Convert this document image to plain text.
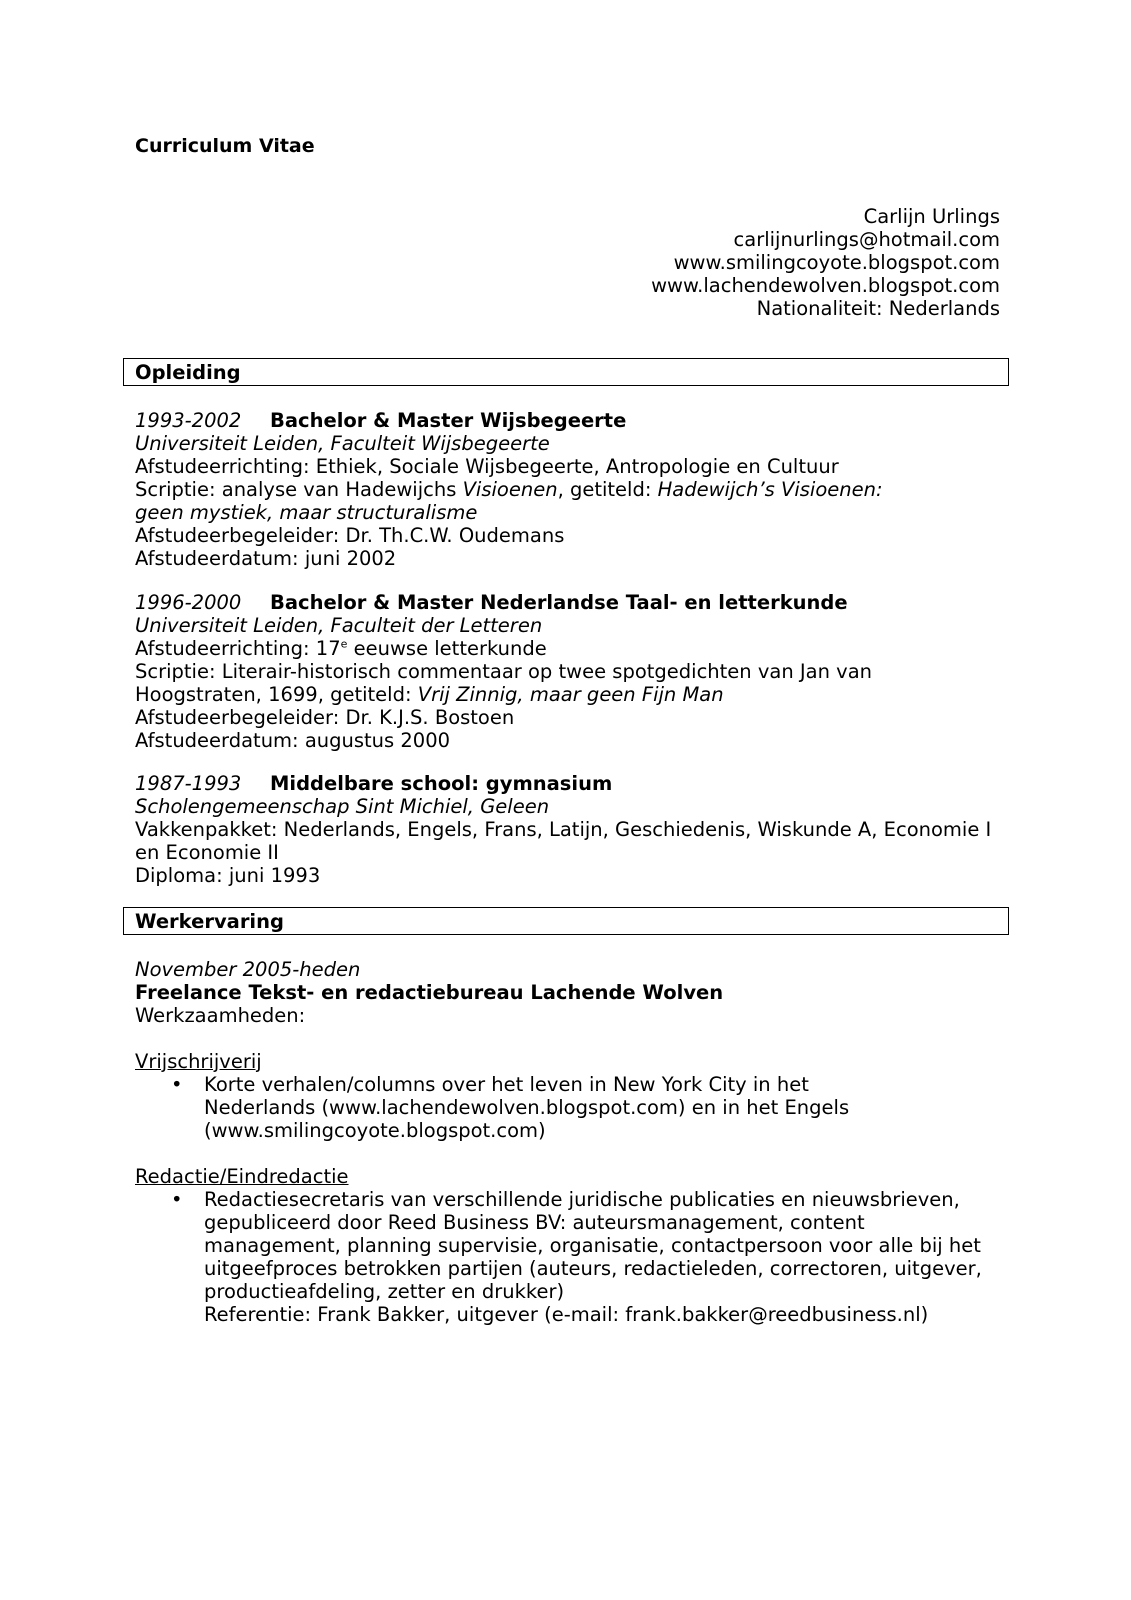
Curriculum Vitae
Carlijn Urlings
carlijnurlings@hotmail.com
www.smilingcoyote.blogspot.com
www.lachendewolven.blogspot.com
Nationaliteit: Nederlands
Opleiding
1993-2002 Bachelor & Master Wijsbegeerte
Universiteit Leiden, Faculteit Wijsbegeerte
Afstudeerrichting: Ethiek, Sociale Wijsbegeerte, Antropologie en Cultuur
Scriptie: analyse van Hadewijchs Visioenen, getiteld: Hadewijch’s Visioenen: geen mystiek, maar structuralisme
Afstudeerbegeleider: Dr. Th.C.W. Oudemans
Afstudeerdatum: juni 2002
1996-2000 Bachelor & Master Nederlandse Taal- en letterkunde
Universiteit Leiden, Faculteit der Letteren
Afstudeerrichting: 17e eeuwse letterkunde
Scriptie: Literair-historisch commentaar op twee spotgedichten van Jan van Hoogstraten, 1699, getiteld: Vrij Zinnig, maar geen Fijn Man
Afstudeerbegeleider: Dr. K.J.S. Bostoen
Afstudeerdatum: augustus 2000
1987-1993 Middelbare school: gymnasium
Scholengemeenschap Sint Michiel, Geleen
Vakkenpakket: Nederlands, Engels, Frans, Latijn, Geschiedenis, Wiskunde A, Economie I en Economie II
Diploma: juni 1993
Werkervaring
November 2005-heden
Freelance Tekst- en redactiebureau Lachende Wolven
Werkzaamheden:
Vrijschrijverij
• Korte verhalen/columns over het leven in New York City in het Nederlands (www.lachendewolven.blogspot.com) en in het Engels (www.smilingcoyote.blogspot.com)
Redactie/Eindredactie
• Redactiesecretaris van verschillende juridische publicaties en nieuwsbrieven, gepubliceerd door Reed Business BV: auteursmanagement, content management, planning supervisie, organisatie, contactpersoon voor alle bij het uitgeefproces betrokken partijen (auteurs, redactieleden, correctoren, uitgever, productieafdeling, zetter en drukker)
Referentie: Frank Bakker, uitgever (e-mail: frank.bakker@reedbusiness.nl)
